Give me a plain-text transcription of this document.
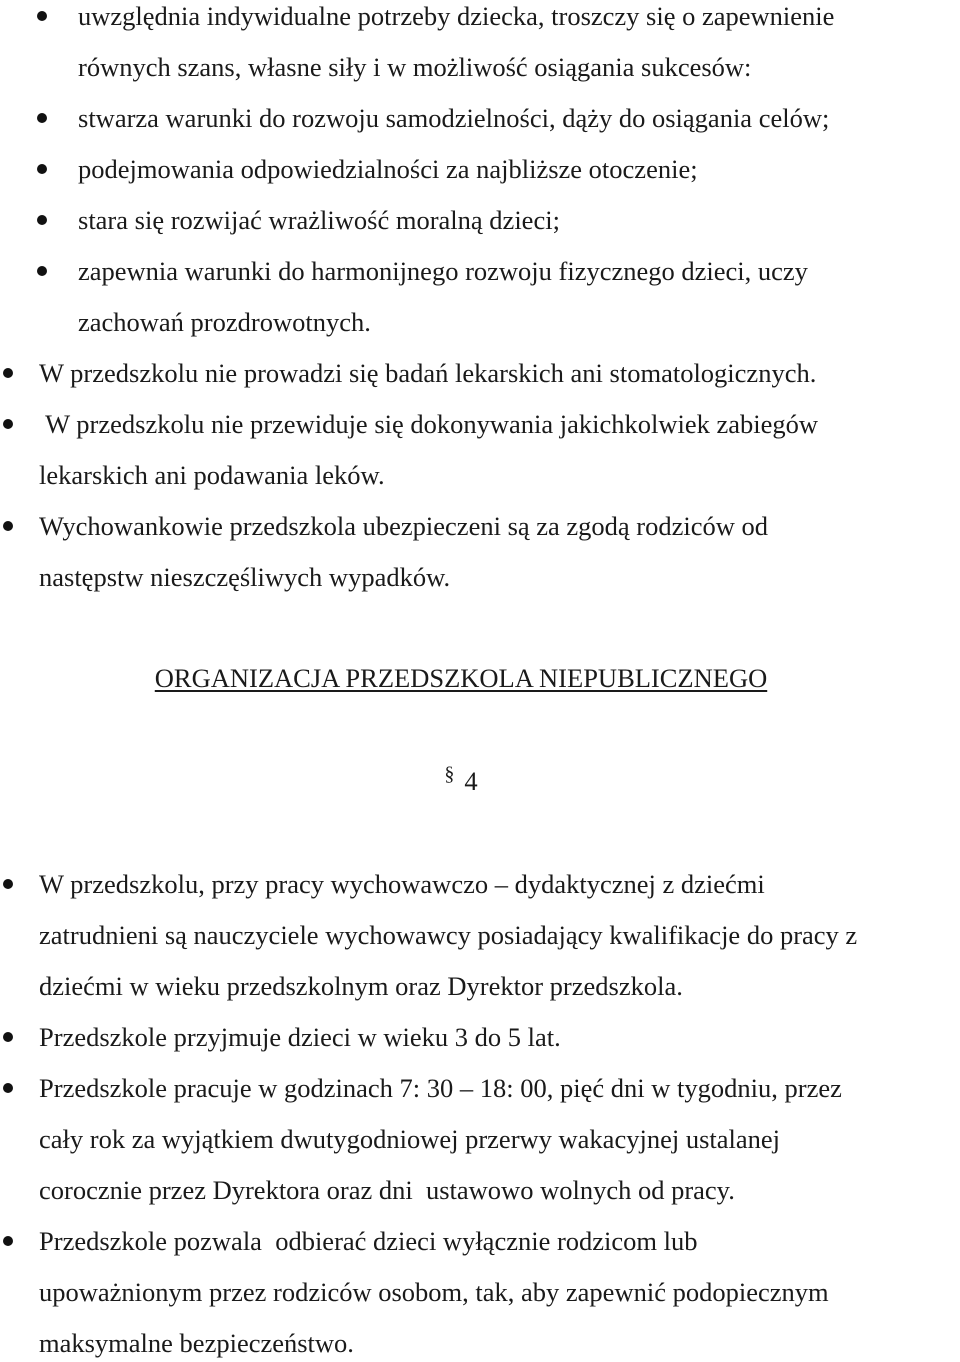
uwzględnia indywidualne potrzeby dziecka, troszczy się o zapewnienie
równych szans, własne siły i w możliwość osiągania sukcesów:
stwarza warunki do rozwoju samodzielności, dąży do osiągania celów;
podejmowania odpowiedzialności za najbliższe otoczenie;
stara się rozwijać wrażliwość moralną dzieci;
zapewnia warunki do harmonijnego rozwoju fizycznego dzieci, uczy
zachowań prozdrowotnych.
W przedszkolu nie prowadzi się badań lekarskich ani stomatologicznych.
W przedszkolu nie przewiduje się dokonywania jakichkolwiek zabiegów
lekarskich ani podawania leków.
Wychowankowie przedszkola ubezpieczeni są za zgodą rodziców od
następstw nieszczęśliwych wypadków.
ORGANIZACJA PRZEDSZKOLA NIEPUBLICZNEGO
§ 4
W przedszkolu, przy pracy wychowawczo – dydaktycznej z dziećmi
zatrudnieni są nauczyciele wychowawcy posiadający kwalifikacje do pracy z
dziećmi w wieku przedszkolnym oraz Dyrektor przedszkola.
Przedszkole przyjmuje dzieci w wieku 3 do 5 lat.
Przedszkole pracuje w godzinach 7: 30 – 18: 00, pięć dni w tygodniu, przez
cały rok za wyjątkiem dwutygodniowej przerwy wakacyjnej ustalanej
corocznie przez Dyrektora oraz dni  ustawowo wolnych od pracy.
Przedszkole pozwala  odbierać dzieci wyłącznie rodzicom lub
upoważnionym przez rodziców osobom, tak, aby zapewnić podopiecznym
maksymalne bezpieczeństwo.
